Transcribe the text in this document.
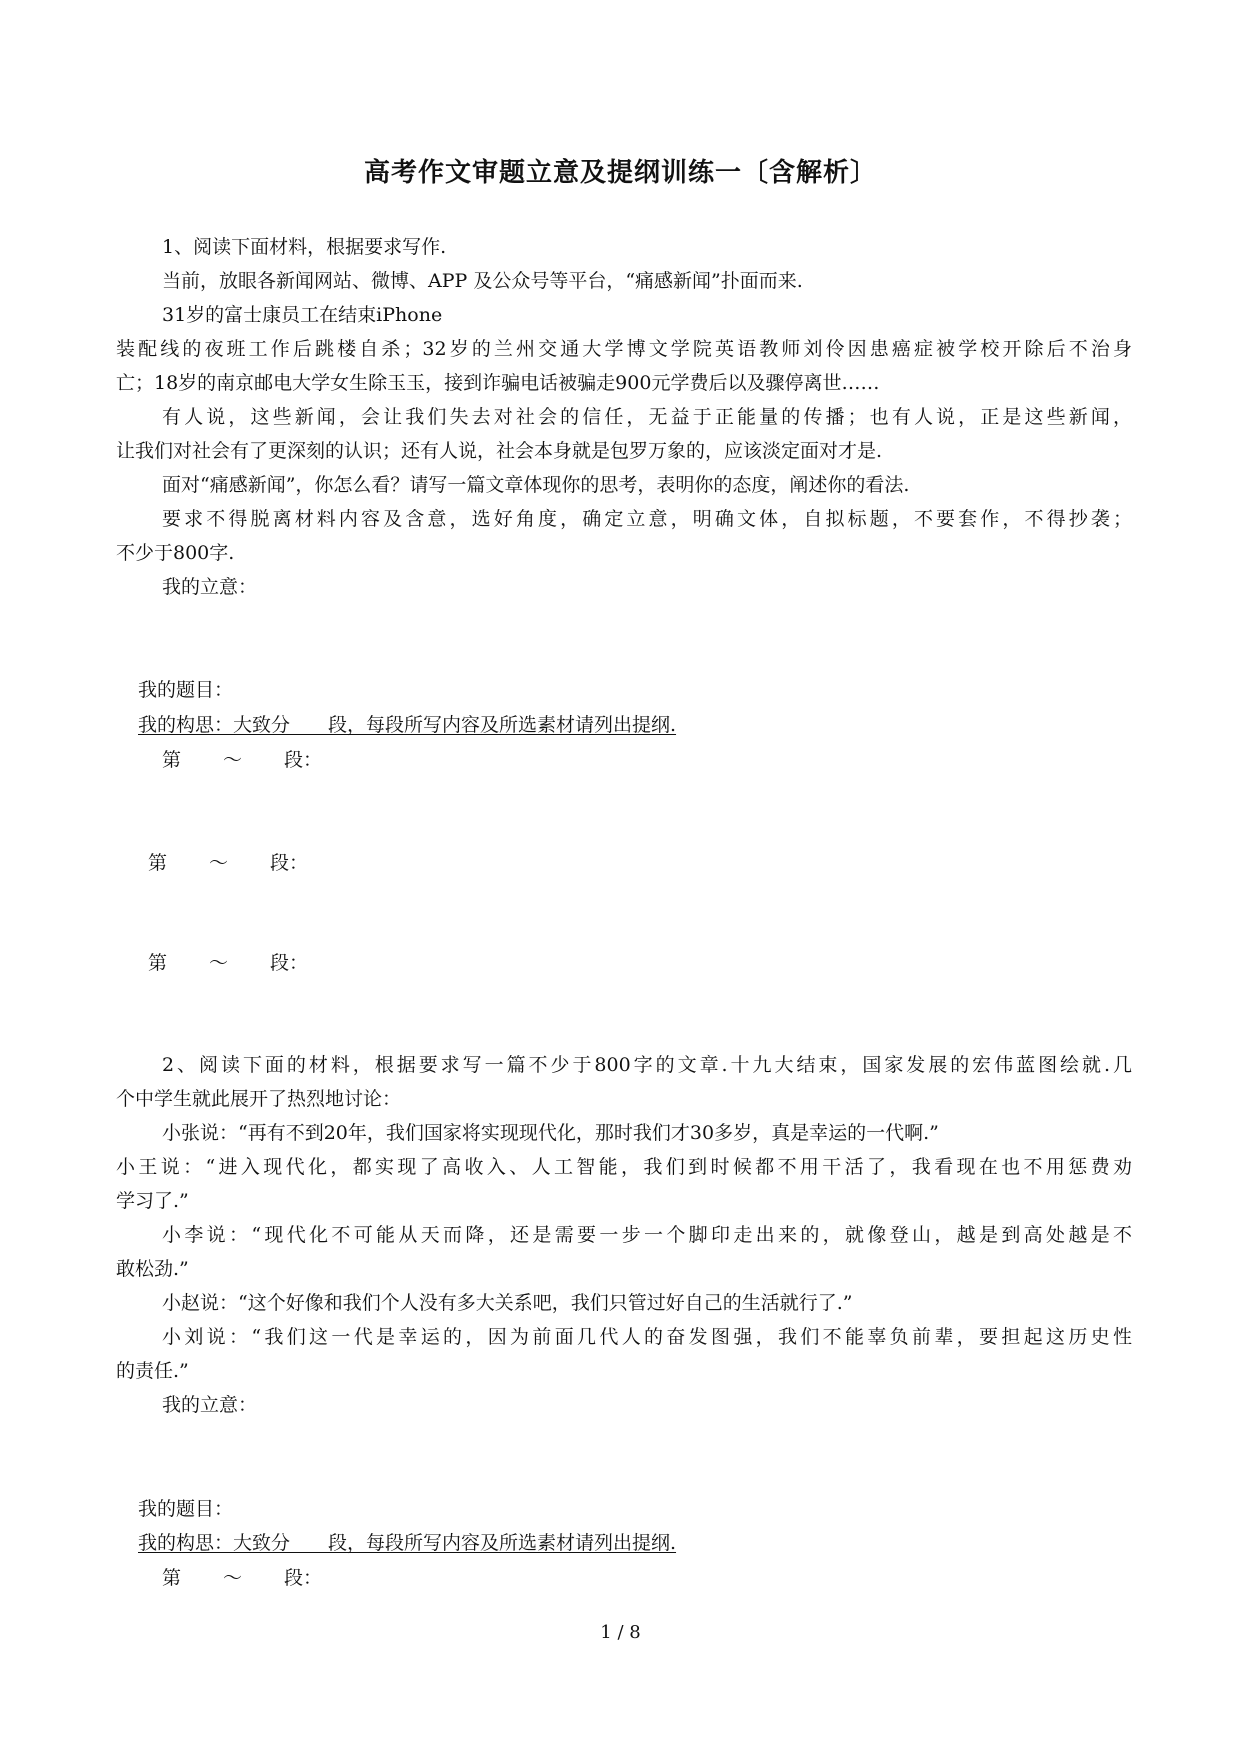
高考作文审题立意及提纲训练一〔含解析〕
1、阅读下面材料，根据要求写作.
当前，放眼各新闻网站、微博、APP 及公众号等平台，“痛感新闻”扑面而来.
31岁的富士康员工在结束iPhone
装配线的夜班工作后跳楼自杀；32岁的兰州交通大学博文学院英语教师刘伶因患癌症被学校开除后不治身
亡；18岁的南京邮电大学女生除玉玉，接到诈骗电话被骗走900元学费后以及骤停离世……
有人说，这些新闻，会让我们失去对社会的信任，无益于正能量的传播；也有人说，正是这些新闻，
让我们对社会有了更深刻的认识；还有人说，社会本身就是包罗万象的，应该淡定面对才是.
面对“痛感新闻”，你怎么看？请写一篇文章体现你的思考，表明你的态度，阐述你的看法.
要求不得脱离材料内容及含意，选好角度，确定立意，明确文体，自拟标题，不要套作，不得抄袭；
不少于800字.
我的立意：
我的题目：
我的构思：大致分　　段，每段所写内容及所选素材请列出提纲.
第 ～ 段：
第 ～ 段：
第 ～ 段：
2、阅读下面的材料，根据要求写一篇不少于800字的文章.十九大结束，国家发展的宏伟蓝图绘就.几
个中学生就此展开了热烈地讨论：
小张说：“再有不到20年，我们国家将实现现代化，那时我们才30多岁，真是幸运的一代啊.”
小王说：“进入现代化，都实现了高收入、人工智能，我们到时候都不用干活了，我看现在也不用惩费劝
学习了.”
小李说：“现代化不可能从天而降，还是需要一步一个脚印走出来的，就像登山，越是到高处越是不
敢松劲.”
小赵说：“这个好像和我们个人没有多大关系吧，我们只管过好自己的生活就行了.”
小刘说：“我们这一代是幸运的，因为前面几代人的奋发图强，我们不能辜负前辈，要担起这历史性
的责任.”
我的立意：
我的题目：
我的构思：大致分　　段，每段所写内容及所选素材请列出提纲.
第 ～ 段：
1 / 8
